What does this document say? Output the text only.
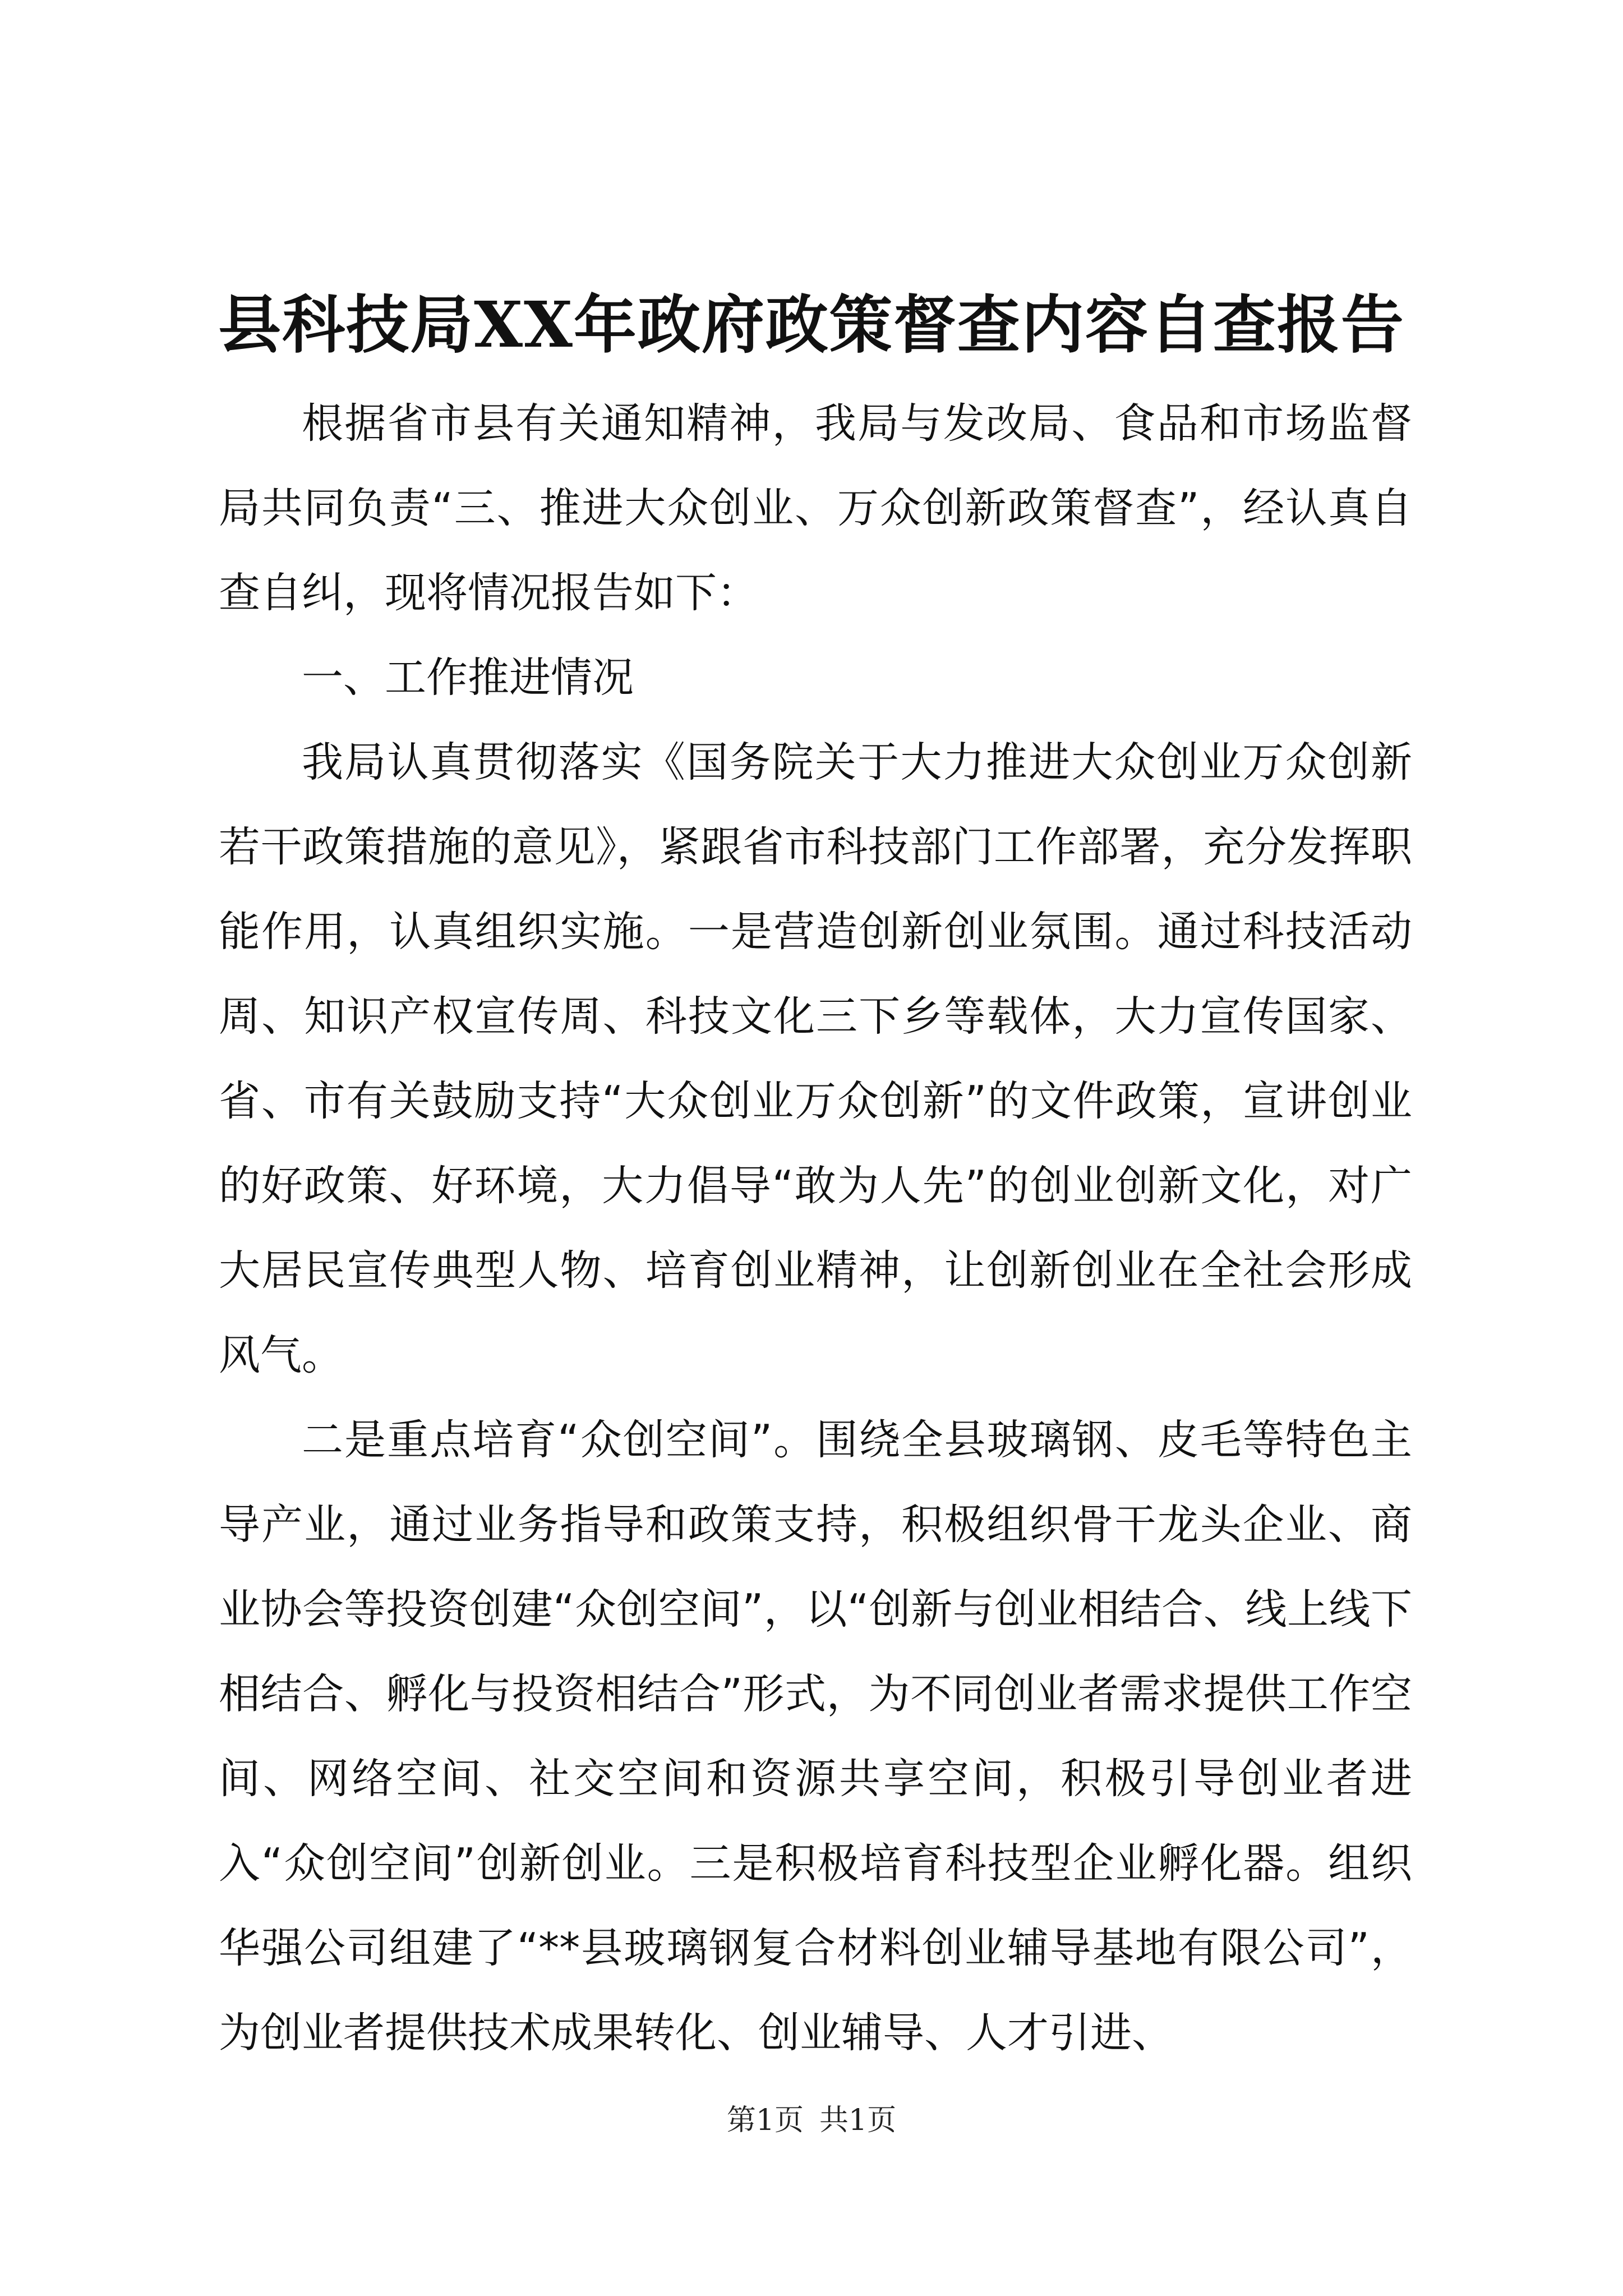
县科技局XX年政府政策督查内容自查报告

根据省市县有关通知精神，我局与发改局、食品和市场监督局共同负责“三、推进大众创业、万众创新政策督查”，经认真自查自纠，现将情况报告如下：

一、工作推进情况

我局认真贯彻落实《国务院关于大力推进大众创业万众创新若干政策措施的意见》，紧跟省市科技部门工作部署，充分发挥职能作用，认真组织实施。一是营造创新创业氛围。通过科技活动周、知识产权宣传周、科技文化三下乡等载体，大力宣传国家、省、市有关鼓励支持“大众创业万众创新”的文件政策，宣讲创业的好政策、好环境，大力倡导“敢为人先”的创业创新文化，对广大居民宣传典型人物、培育创业精神，让创新创业在全社会形成风气。

二是重点培育“众创空间”。围绕全县玻璃钢、皮毛等特色主导产业，通过业务指导和政策支持，积极组织骨干龙头企业、商业协会等投资创建“众创空间”，以“创新与创业相结合、线上线下相结合、孵化与投资相结合”形式，为不同创业者需求提供工作空间、网络空间、社交空间和资源共享空间，积极引导创业者进入“众创空间”创新创业。三是积极培育科技型企业孵化器。组织华强公司组建了“**县玻璃钢复合材料创业辅导基地有限公司”，为创业者提供技术成果转化、创业辅导、人才引进、

第1页 共1页
